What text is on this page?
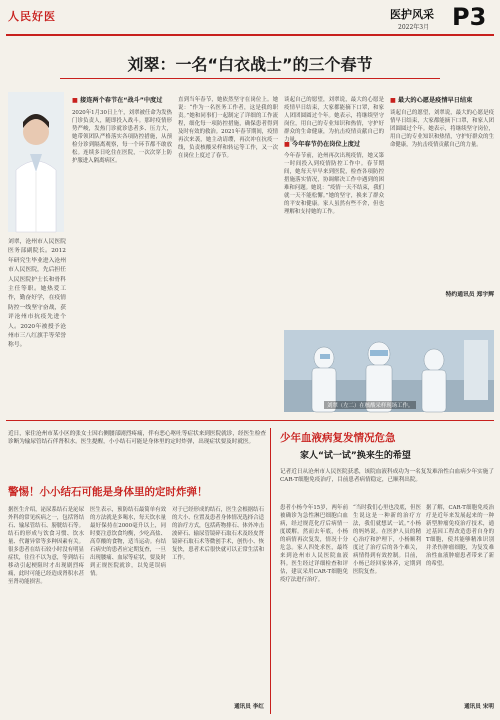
人民好医	医护风采
2022年3月 P3
刘翠：一名“白衣战士”的三个春节
刘翠，沧州市人民医院医务部副院长。2012年研究生毕业进入沧州市人民医院，先后担任人民医院护士长和骨科主任等职。她热爱工作，勤奋好学，在疫情防控一线坚守奋战，获评沧州市抗疫先进个人。2020年被授予沧州市三八红旗手等荣誉称号。
■ 接连两个春节在“战斗”中度过
2020年1月30日上午，刘翠被任命为发热门诊负责人，随即投入战斗。那时疫情形势严峻，发热门诊就诊患者多、压力大，她带领团队严格落实各项防控措施，从预检分诊到隔离观察，每一个环节都不敢放松。连续多日吃住在医院，一次次穿上防护服进入隔离病区。
直到当年春节，她依然坚守在岗位上。她说：“作为一名医务工作者，这是我的职责。”她和同事们一起制定了详细的工作流程，细化每一项防控措施，确保患者得到及时有效的救治。2021年春节期间，疫情再次来袭，她主动请缨，再次冲在抗疫一线，负责核酸采样和转运等工作，又一次在岗位上度过了春节。
谈起自己的愿望，刘翠说，最大的心愿是疫情早日结束，大家都能摘下口罩，和家人团团圆圆过个年。她表示，将继续坚守岗位，用自己的专业知识和热情，守护好群众的生命健康，为抗击疫情贡献自己的力量。
■ 今年春节仍在岗位上度过
今年春节前，沧州再次出现疫情，她又第一时间投入到疫情防控工作中。春节期间，她每天早早来到医院，检查各项防控措施落实情况，协调解决工作中遇到的困难和问题。她说：“疫情一天不结束，我们就一天不能松懈。”她的坚守，换来了群众的平安和健康。家人虽然有些不舍，但也理解和支持她的工作。
■ 最大的心愿是疫情早日结束
谈起自己的愿望，刘翠说，最大的心愿是疫情早日结束，大家都能摘下口罩，和家人团团圆圆过个年。她表示，将继续坚守岗位，用自己的专业知识和热情，守护好群众的生命健康，为抗击疫情贡献自己的力量。
特约通讯员 郑宇辉
刘翠（左二）在核酸采样现场工作。
近日，家住沧州市某小区的张女士因右侧腰部剧烈疼痛，伴有恶心呕吐等症状来到医院就诊，经医生检查诊断为输尿管结石伴肾积水。医生提醒，小小结石可能是身体里的定时炸弹，出现症状要及时就医。
警惕！小小结石可能是身体里的定时炸弹！
据医生介绍，泌尿系结石是泌尿外科的常见疾病之一，包括肾结石、输尿管结石、膀胱结石等。结石的形成与饮食习惯、饮水量、代谢异常等多种因素有关。很多患者在结石较小时没有明显症状，往往不以为意，等到结石移动引起梗阻时才出现剧烈疼痛，此时可能已经造成肾积水甚至肾功能损害。
医生表示，预防结石最简单有效的方法就是多喝水，每天饮水量最好保持在2000毫升以上，同时要注意饮食均衡，少吃高盐、高草酸的食物，适当运动。有结石病史的患者应定期复查，一旦出现腰痛、血尿等症状，要及时到正规医院就诊，以免延误病情。
对于已经形成的结石，医生会根据结石的大小、位置及患者身体情况选择合适的治疗方式，包括药物排石、体外冲击波碎石、输尿管镜碎石取石术及经皮肾镜碎石取石术等微创手术，创伤小、恢复快，患者术后很快就可以正常生活和工作。
通讯员 李红
少年血液病复发情况危急
家人“试一试”换来生的希望
记者近日从沧州市人民医院获悉，该院血液科成功为一名复发难治性白血病少年实施了CAR-T细胞免疫治疗，目前患者病情稳定，已顺利出院。
患者小杨今年15岁，两年前被确诊为急性淋巴细胞白血病，经过规范化疗后病情一度缓解。然而去年底，小杨的病情再次复发，情况十分危急。家人四处求医，最终来到沧州市人民医院血液科。医生经过详细检查和评估，建议采用CAR-T细胞免疫疗法进行治疗。
“当时我们心里也没底，但医生说这是一种新的治疗方法，我们就想试一试。”小杨的妈妈说。在医护人员的精心治疗和护理下，小杨顺利度过了治疗后的各个难关，病情得到有效控制。目前，小杨已经回家休养，定期到医院复查。
据了解，CAR-T细胞免疫治疗是近年来发展起来的一种新型肿瘤免疫治疗技术，通过基因工程改造患者自身的T细胞，使其能够精准识别并杀伤肿瘤细胞，为复发难治性血液肿瘤患者带来了新的希望。
通讯员 宋明
